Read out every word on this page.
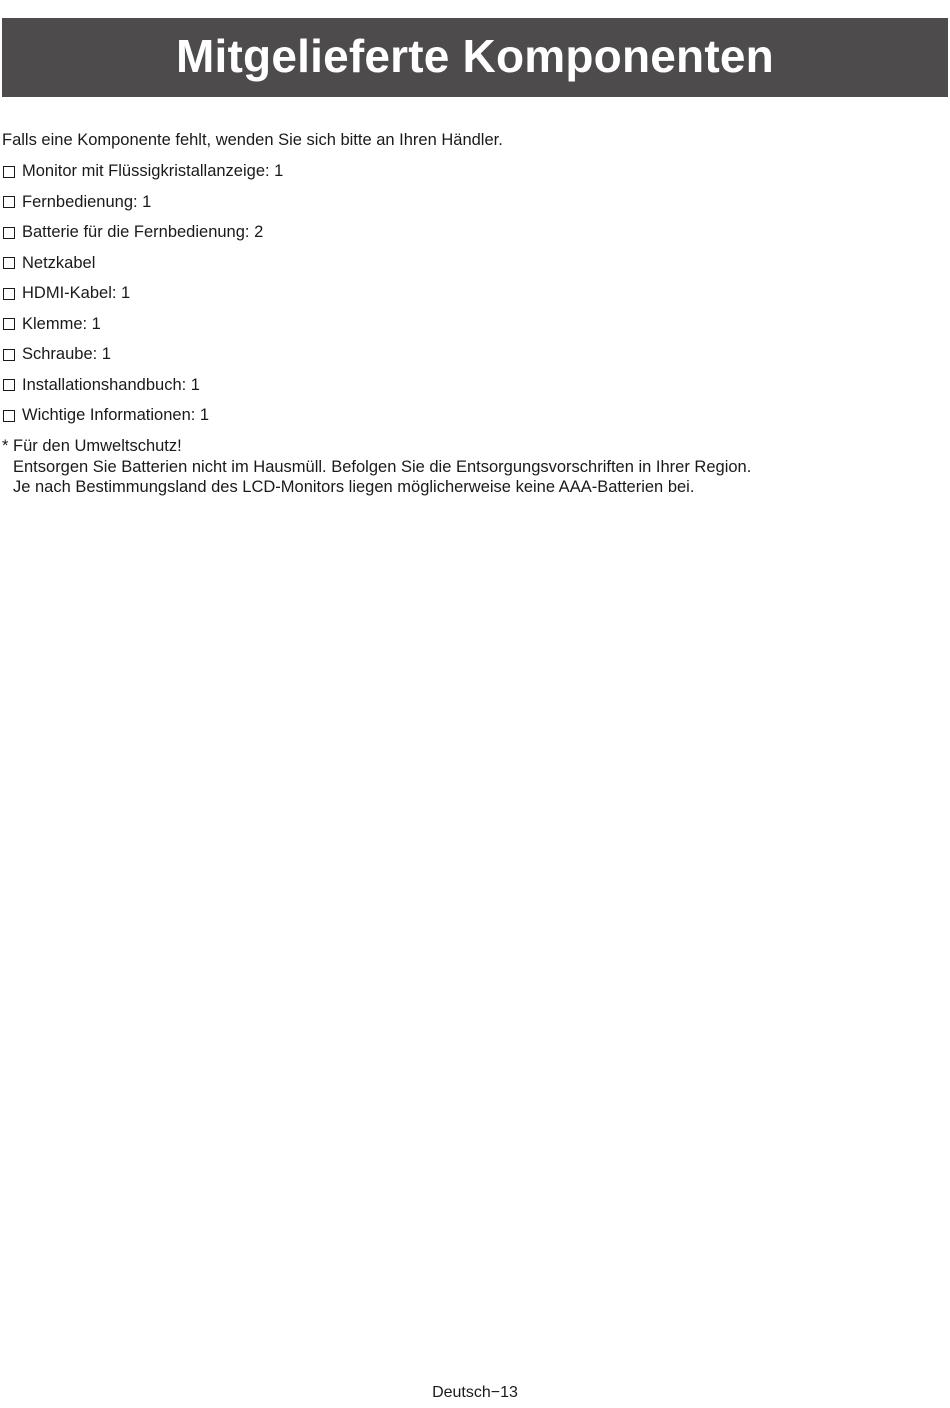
Mitgelieferte Komponenten
Falls eine Komponente fehlt, wenden Sie sich bitte an Ihren Händler.
Monitor mit Flüssigkristallanzeige: 1
Fernbedienung: 1
Batterie für die Fernbedienung: 2
Netzkabel
HDMI-Kabel: 1
Klemme: 1
Schraube: 1
Installationshandbuch: 1
Wichtige Informationen: 1
* Für den Umweltschutz!
Entsorgen Sie Batterien nicht im Hausmüll. Befolgen Sie die Entsorgungsvorschriften in Ihrer Region.
Je nach Bestimmungsland des LCD-Monitors liegen möglicherweise keine AAA-Batterien bei.
Deutsch−13
